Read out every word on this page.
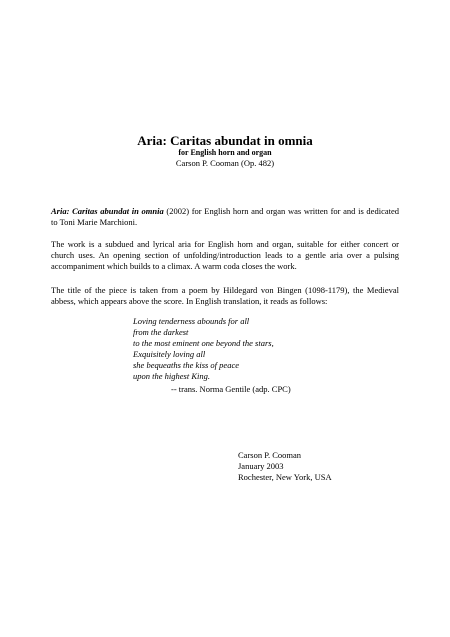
Aria: Caritas abundat in omnia
for English horn and organ
Carson P. Cooman (Op. 482)
Aria: Caritas abundat in omnia (2002) for English horn and organ was written for and is dedicated to Toni Marie Marchioni.
The work is a subdued and lyrical aria for English horn and organ, suitable for either concert or church uses. An opening section of unfolding/introduction leads to a gentle aria over a pulsing accompaniment which builds to a climax. A warm coda closes the work.
The title of the piece is taken from a poem by Hildegard von Bingen (1098-1179), the Medieval abbess, which appears above the score. In English translation, it reads as follows:
Loving tenderness abounds for all
from the darkest
to the most eminent one beyond the stars,
Exquisitely loving all
she bequeaths the kiss of peace
upon the highest King.
-- trans. Norma Gentile (adp. CPC)
Carson P. Cooman
January 2003
Rochester, New York, USA
